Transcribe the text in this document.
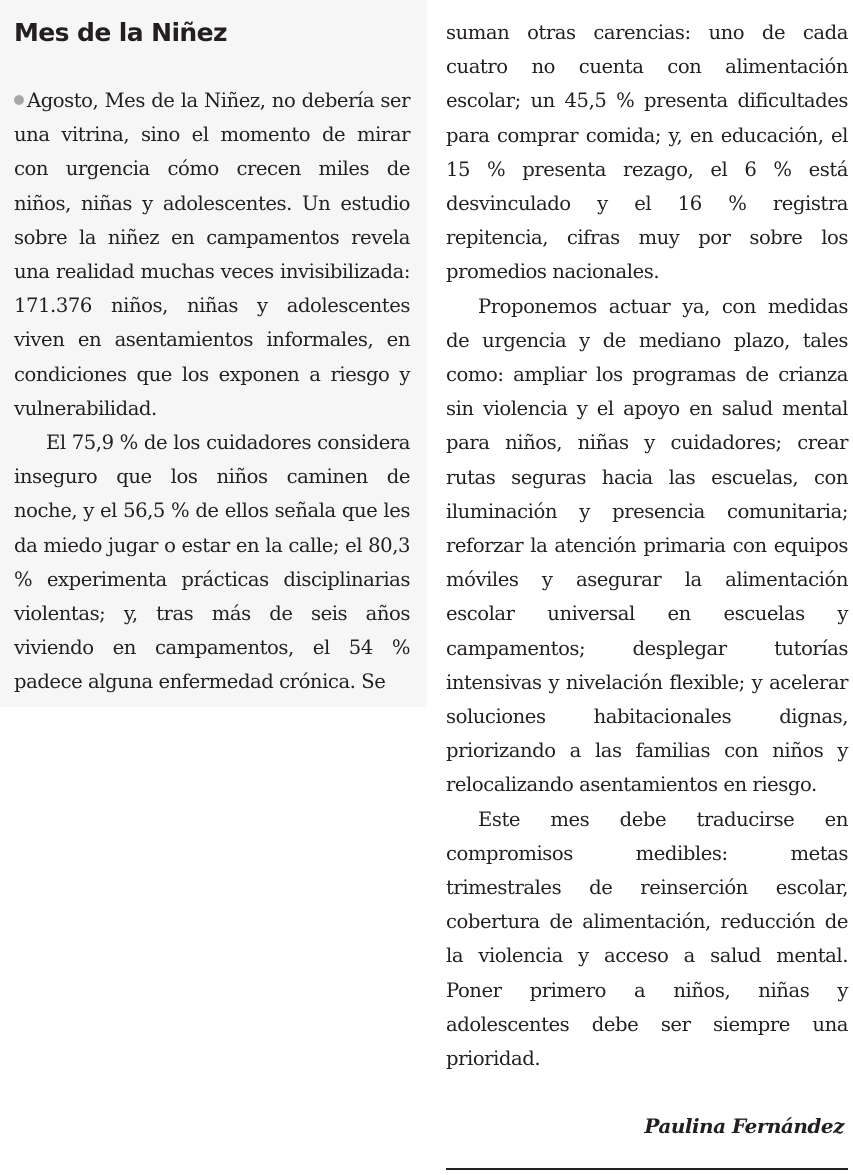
Mes de la Niñez

Agosto, Mes de la Niñez, no debería ser una vitrina, sino el momento de mirar con urgencia cómo crecen miles de niños, niñas y adolescentes. Un estudio sobre la niñez en campamentos revela una realidad muchas veces invisibilizada: 171.376 niños, niñas y adolescentes viven en asentamientos informales, en condiciones que los exponen a riesgo y vulnerabilidad.

El 75,9 % de los cuidadores considera inseguro que los niños caminen de noche, y el 56,5 % de ellos señala que les da miedo jugar o estar en la calle; el 80,3 % experimenta prácticas disciplinarias violentas; y, tras más de seis años viviendo en campamentos, el 54 % padece alguna enfermedad crónica. Se

suman otras carencias: uno de cada cuatro no cuenta con alimentación escolar; un 45,5 % presenta dificultades para comprar comida; y, en educación, el 15 % presenta rezago, el 6 % está desvinculado y el 16 % registra repitencia, cifras muy por sobre los promedios nacionales.

Proponemos actuar ya, con medidas de urgencia y de mediano plazo, tales como: ampliar los programas de crianza sin violencia y el apoyo en salud mental para niños, niñas y cuidadores; crear rutas seguras hacia las escuelas, con iluminación y presencia comunitaria; reforzar la atención primaria con equipos móviles y asegurar la alimentación escolar universal en escuelas y campamentos; desplegar tutorías intensivas y nivelación flexible; y acelerar soluciones habitacionales dignas, priorizando a las familias con niños y relocalizando asentamientos en riesgo.

Este mes debe traducirse en compromisos medibles: metas trimestrales de reinserción escolar, cobertura de alimentación, reducción de la violencia y acceso a salud mental. Poner primero a niños, niñas y adolescentes debe ser siempre una prioridad.

Paulina Fernández
